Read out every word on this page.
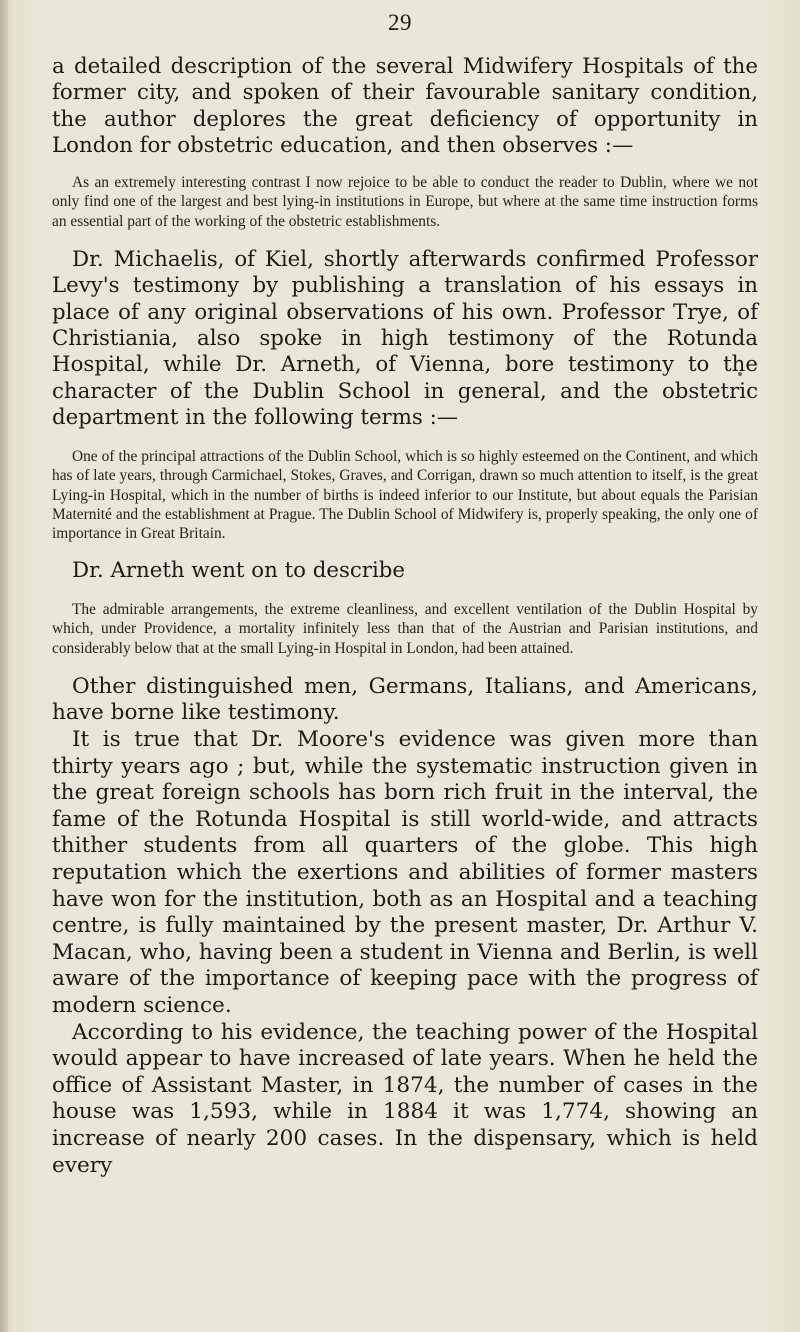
29

a detailed description of the several Midwifery Hospitals of the former city, and spoken of their favourable sanitary condition, the author deplores the great deficiency of opportunity in London for obstetric education, and then observes :—

As an extremely interesting contrast I now rejoice to be able to conduct the reader to Dublin, where we not only find one of the largest and best lying-in institutions in Europe, but where at the same time instruction forms an essential part of the working of the obstetric establishments.

Dr. Michaelis, of Kiel, shortly afterwards confirmed Professor Levy's testimony by publishing a translation of his essays in place of any original observations of his own. Professor Trye, of Christiania, also spoke in high testimony of the Rotunda Hospital, while Dr. Arneth, of Vienna, bore testimony to the character of the Dublin School in general, and the obstetric department in the following terms :—

One of the principal attractions of the Dublin School, which is so highly esteemed on the Continent, and which has of late years, through Carmichael, Stokes, Graves, and Corrigan, drawn so much attention to itself, is the great Lying-in Hospital, which in the number of births is indeed inferior to our Institute, but about equals the Parisian Maternité and the establishment at Prague. The Dublin School of Midwifery is, properly speaking, the only one of importance in Great Britain.

Dr. Arneth went on to describe

The admirable arrangements, the extreme cleanliness, and excellent ventilation of the Dublin Hospital by which, under Providence, a mortality infinitely less than that of the Austrian and Parisian institutions, and considerably below that at the small Lying-in Hospital in London, had been attained.

Other distinguished men, Germans, Italians, and Americans, have borne like testimony.

It is true that Dr. Moore's evidence was given more than thirty years ago ; but, while the systematic instruction given in the great foreign schools has born rich fruit in the interval, the fame of the Rotunda Hospital is still world-wide, and attracts thither students from all quarters of the globe. This high reputation which the exertions and abilities of former masters have won for the institution, both as an Hospital and a teaching centre, is fully maintained by the present master, Dr. Arthur V. Macan, who, having been a student in Vienna and Berlin, is well aware of the importance of keeping pace with the progress of modern science.

According to his evidence, the teaching power of the Hospital would appear to have increased of late years. When he held the office of Assistant Master, in 1874, the number of cases in the house was 1,593, while in 1884 it was 1,774, showing an increase of nearly 200 cases. In the dispensary, which is held every
